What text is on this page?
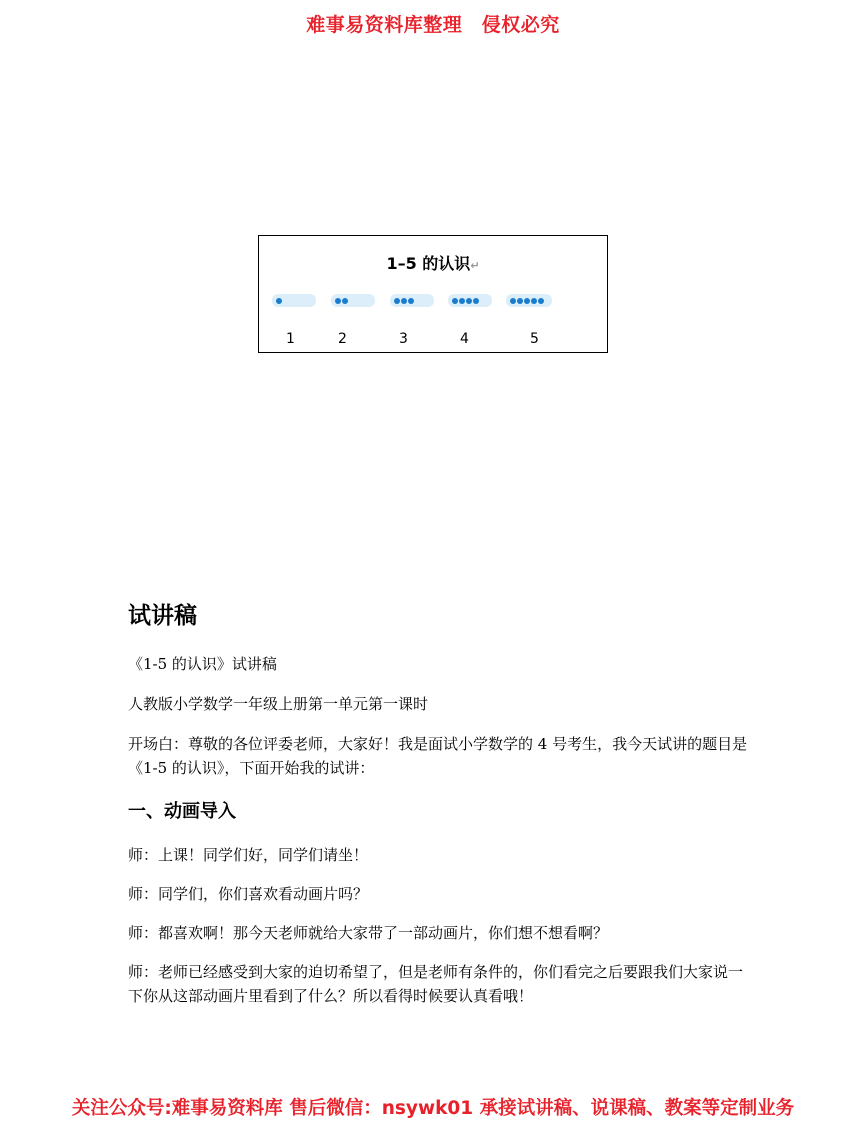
难事易资料库整理　侵权必究
1–5 的认识↵
1	2	3	4	5
试讲稿
《1-5 的认识》试讲稿
人教版小学数学一年级上册第一单元第一课时
开场白：尊敬的各位评委老师，大家好！我是面试小学数学的 4 号考生，我今天试讲的题目是《1-5 的认识》，下面开始我的试讲：
一、动画导入
师：上课！同学们好，同学们请坐！
师：同学们，你们喜欢看动画片吗？
师：都喜欢啊！那今天老师就给大家带了一部动画片，你们想不想看啊？
师：老师已经感受到大家的迫切希望了，但是老师有条件的，你们看完之后要跟我们大家说一下你从这部动画片里看到了什么？所以看得时候要认真看哦！
关注公众号:难事易资料库 售后微信：nsywk01 承接试讲稿、说课稿、教案等定制业务
